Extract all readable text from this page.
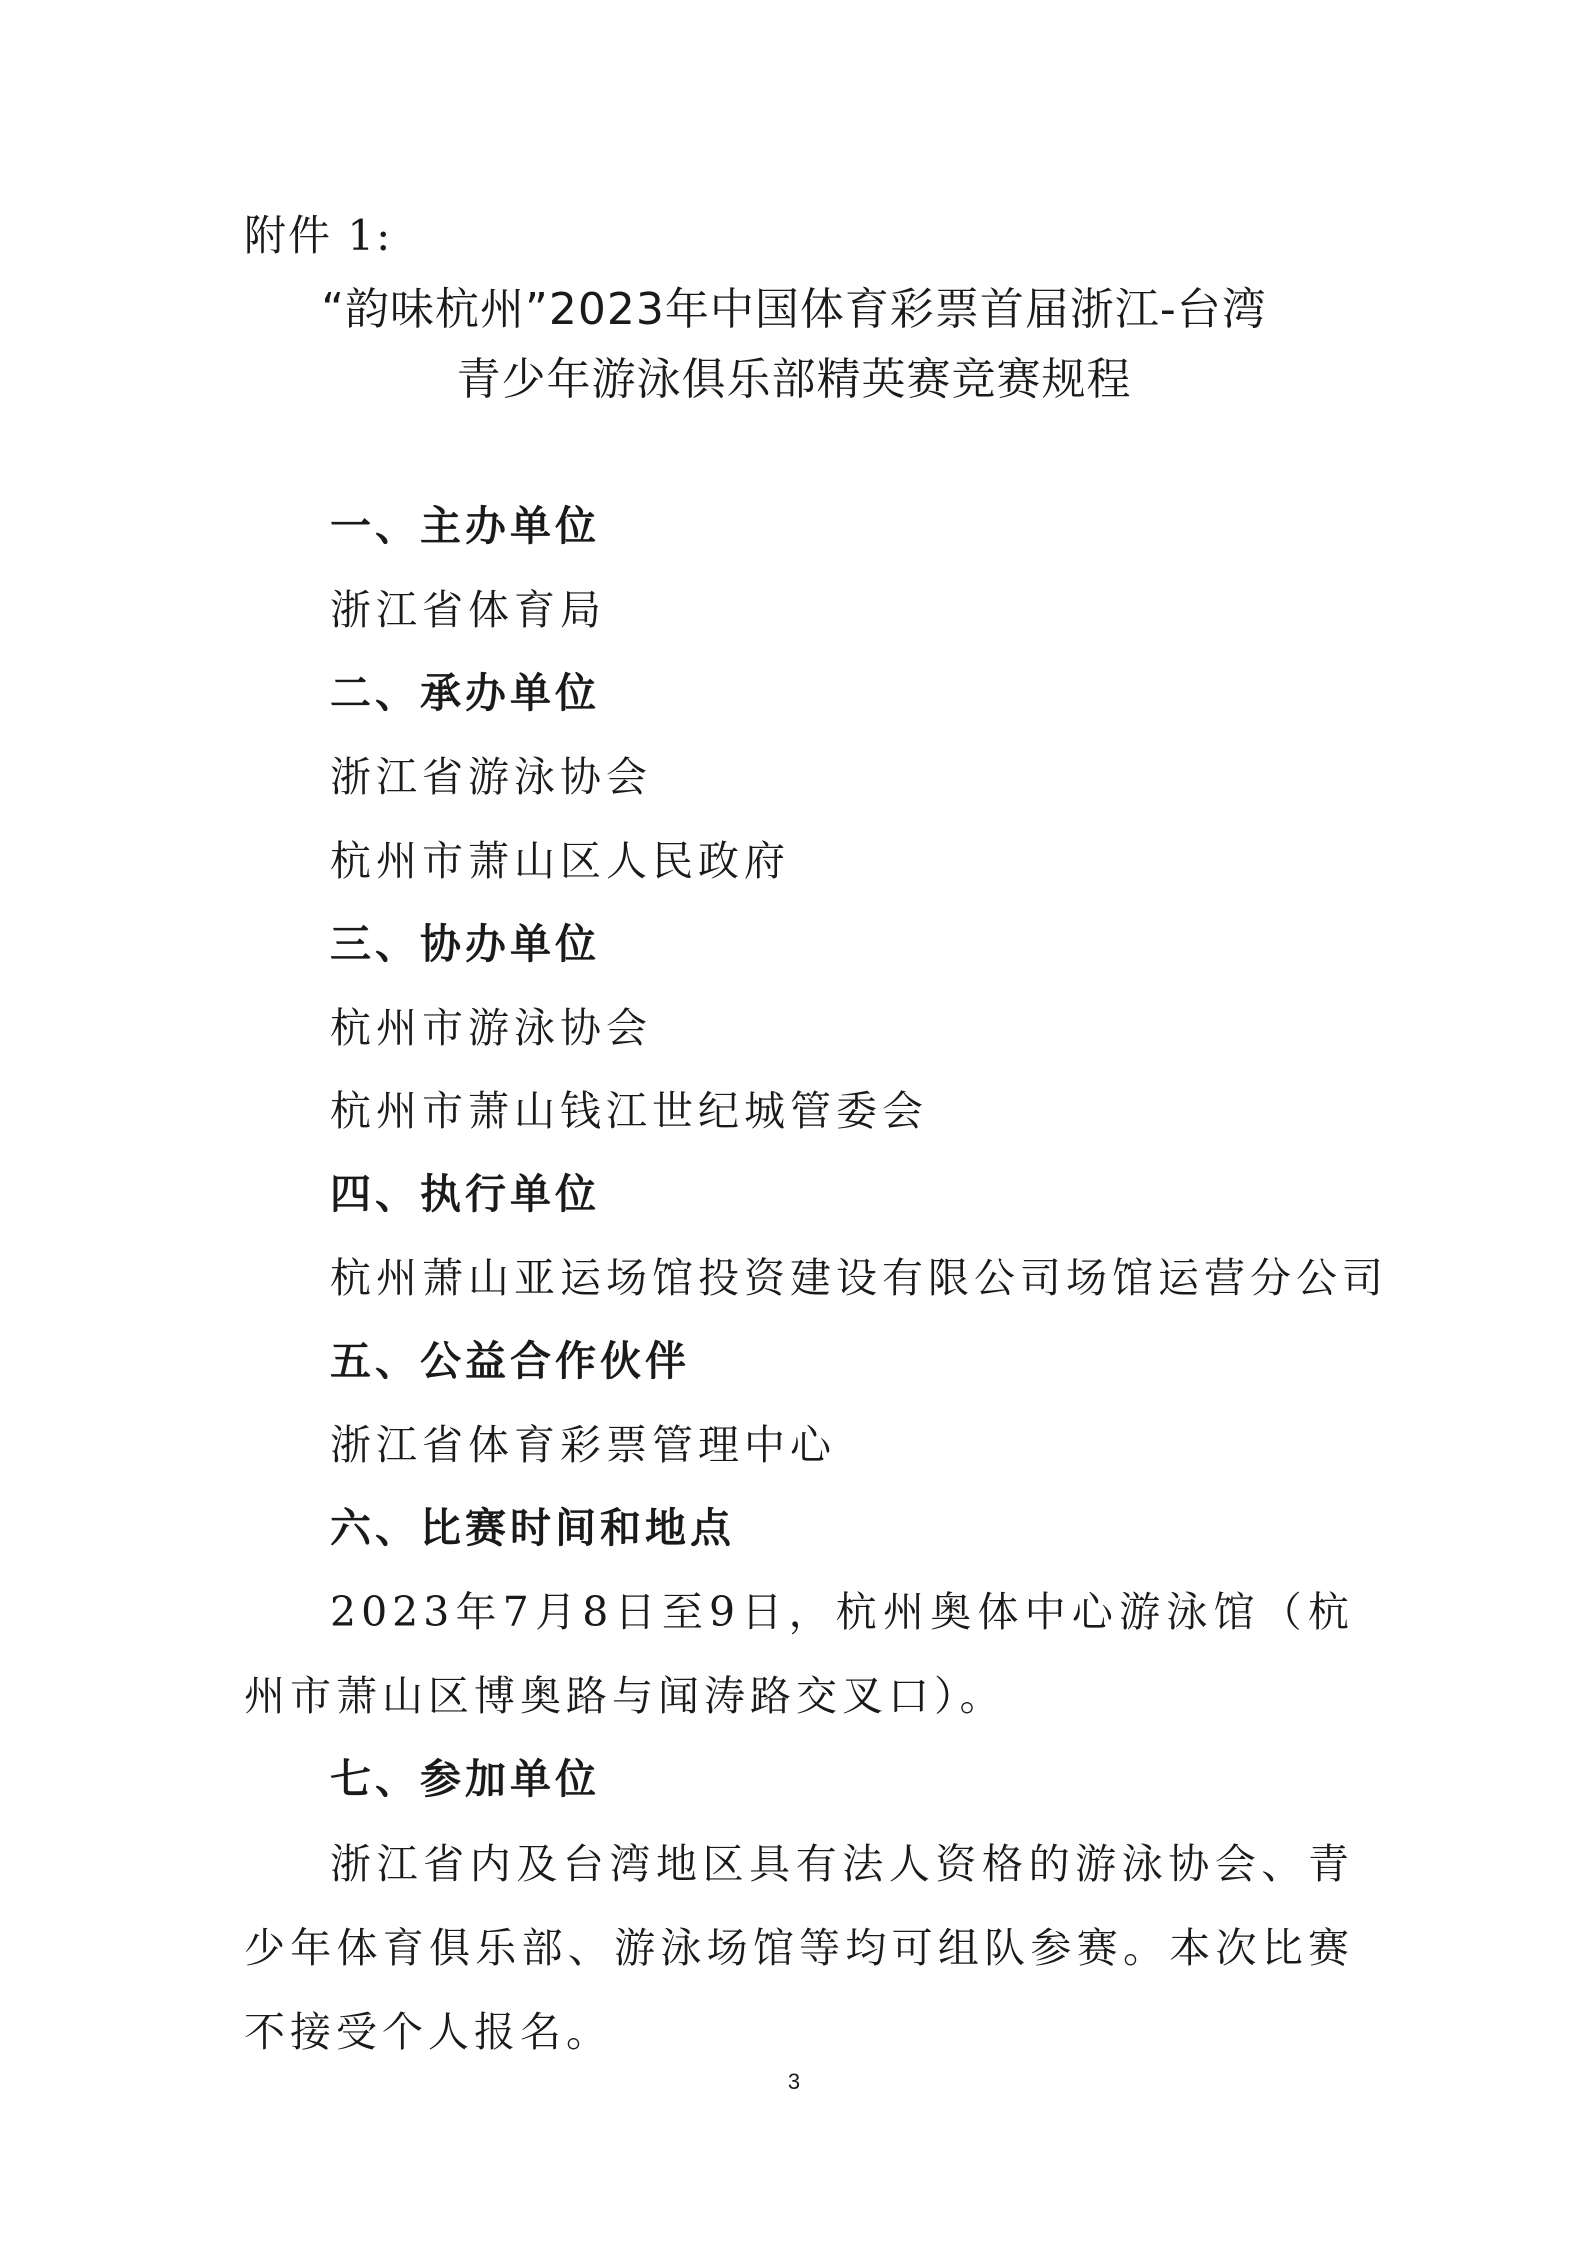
附件 1:
“韵味杭州”2023年中国体育彩票首届浙江-台湾
青少年游泳俱乐部精英赛竞赛规程
一、主办单位
浙江省体育局
二、承办单位
浙江省游泳协会
杭州市萧山区人民政府
三、协办单位
杭州市游泳协会
杭州市萧山钱江世纪城管委会
四、执行单位
杭州萧山亚运场馆投资建设有限公司场馆运营分公司
五、公益合作伙伴
浙江省体育彩票管理中心
六、比赛时间和地点
2023年7月8日至9日，杭州奥体中心游泳馆（杭州市萧山区博奥路与闻涛路交叉口）。
七、参加单位
浙江省内及台湾地区具有法人资格的游泳协会、青少年体育俱乐部、游泳场馆等均可组队参赛。本次比赛不接受个人报名。
3
